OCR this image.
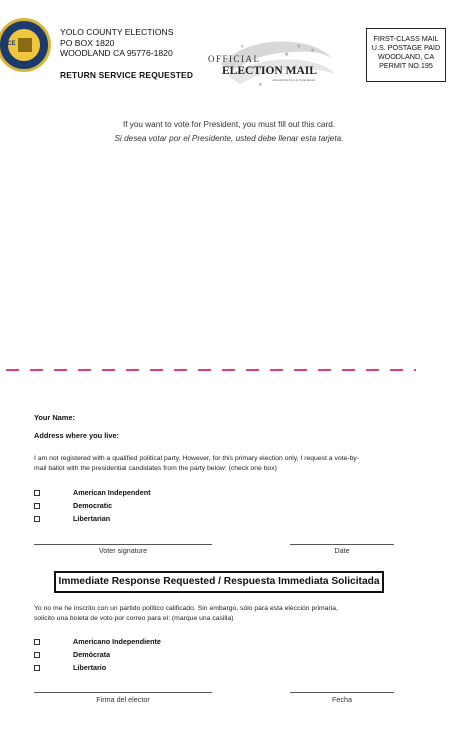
ACE
YOLO COUNTY ELECTIONS
PO BOX 1820
WOODLAND CA 95776-1820
RETURN SERVICE REQUESTED
★
★
★
★
★
OFFICIAL
ELECTION MAIL
Authorized by the U.S. Postal Service
FIRST-CLASS MAIL
U.S. POSTAGE PAID
WOODLAND, CA
PERMIT NO.195
If you want to vote for President, you must fill out this card.
Si desea votar por el Presidente, usted debe llenar esta tarjeta.
Your Name:
Address where you live:
I am not registered with a qualified political party. However, for this primary election only, I request a vote-by-
mail ballot with the presidential candidates from the party below: (check one box)
American Independent
Democratic
Libertarian
Voter signature	Date
Immediate Response Requested / Respuesta Immediata Solicitada
Yo no me he inscrito con un partido político calificado. Sin embargo, sólo para esta elección primaria,
solicito una boleta de voto por correo para el: (marque una casilla)
Americano Independiente
Demócrata
Libertario
Firma del elector	Fecha
